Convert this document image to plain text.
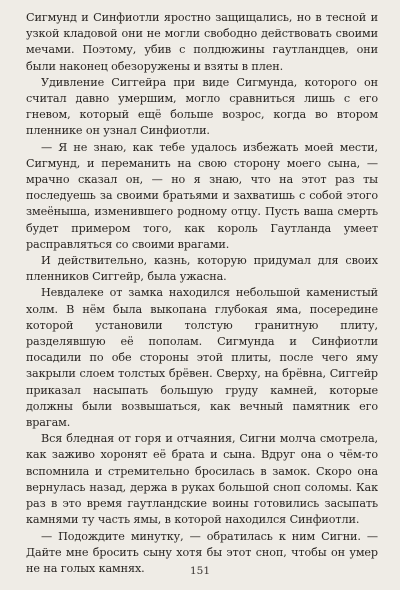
Сигмунд и Синфиотли яростно защищались, но в тесной и узкой кладовой они не могли свободно действовать своими мечами. Поэтому, убив с полдюжины гаутландцев, они были наконец обезоружены и взяты в плен.

Удивление Сиггейра при виде Сигмунда, которого он считал давно умершим, могло сравниться лишь с его гневом, который ещё больше возрос, когда во втором пленнике он узнал Синфиотли.

— Я не знаю, как тебе удалось избежать моей мести, Сигмунд, и переманить на свою сторону моего сына, — мрачно сказал он, — но я знаю, что на этот раз ты последуешь за своими братьями и захватишь с собой этого змеёныша, изменившего родному отцу. Пусть ваша смерть будет примером того, как король Гаутланда умеет расправляться со своими врагами.

И действительно, казнь, которую придумал для своих пленников Сиггейр, была ужасна.

Невдалеке от замка находился небольшой каменистый холм. В нём была выкопана глубокая яма, посередине которой установили толстую гранитную плиту, разделявшую её пополам. Сигмунда и Синфиотли посадили по обе стороны этой плиты, после чего яму закрыли слоем толстых брёвен. Сверху, на брёвна, Сиггейр приказал насыпать большую груду камней, которые должны были возвышаться, как вечный памятник его врагам.

Вся бледная от горя и отчаяния, Сигни молча смотрела, как заживо хоронят её брата и сына. Вдруг она о чём-то вспомнила и стремительно бросилась в замок. Скоро она вернулась назад, держа в руках большой сноп соломы. Как раз в это время гаутландские воины готовились засыпать камнями ту часть ямы, в которой находился Синфиотли.

— Подождите минутку, — обратилась к ним Сигни. — Дайте мне бросить сыну хотя бы этот сноп, чтобы он умер не на голых камнях.	151
